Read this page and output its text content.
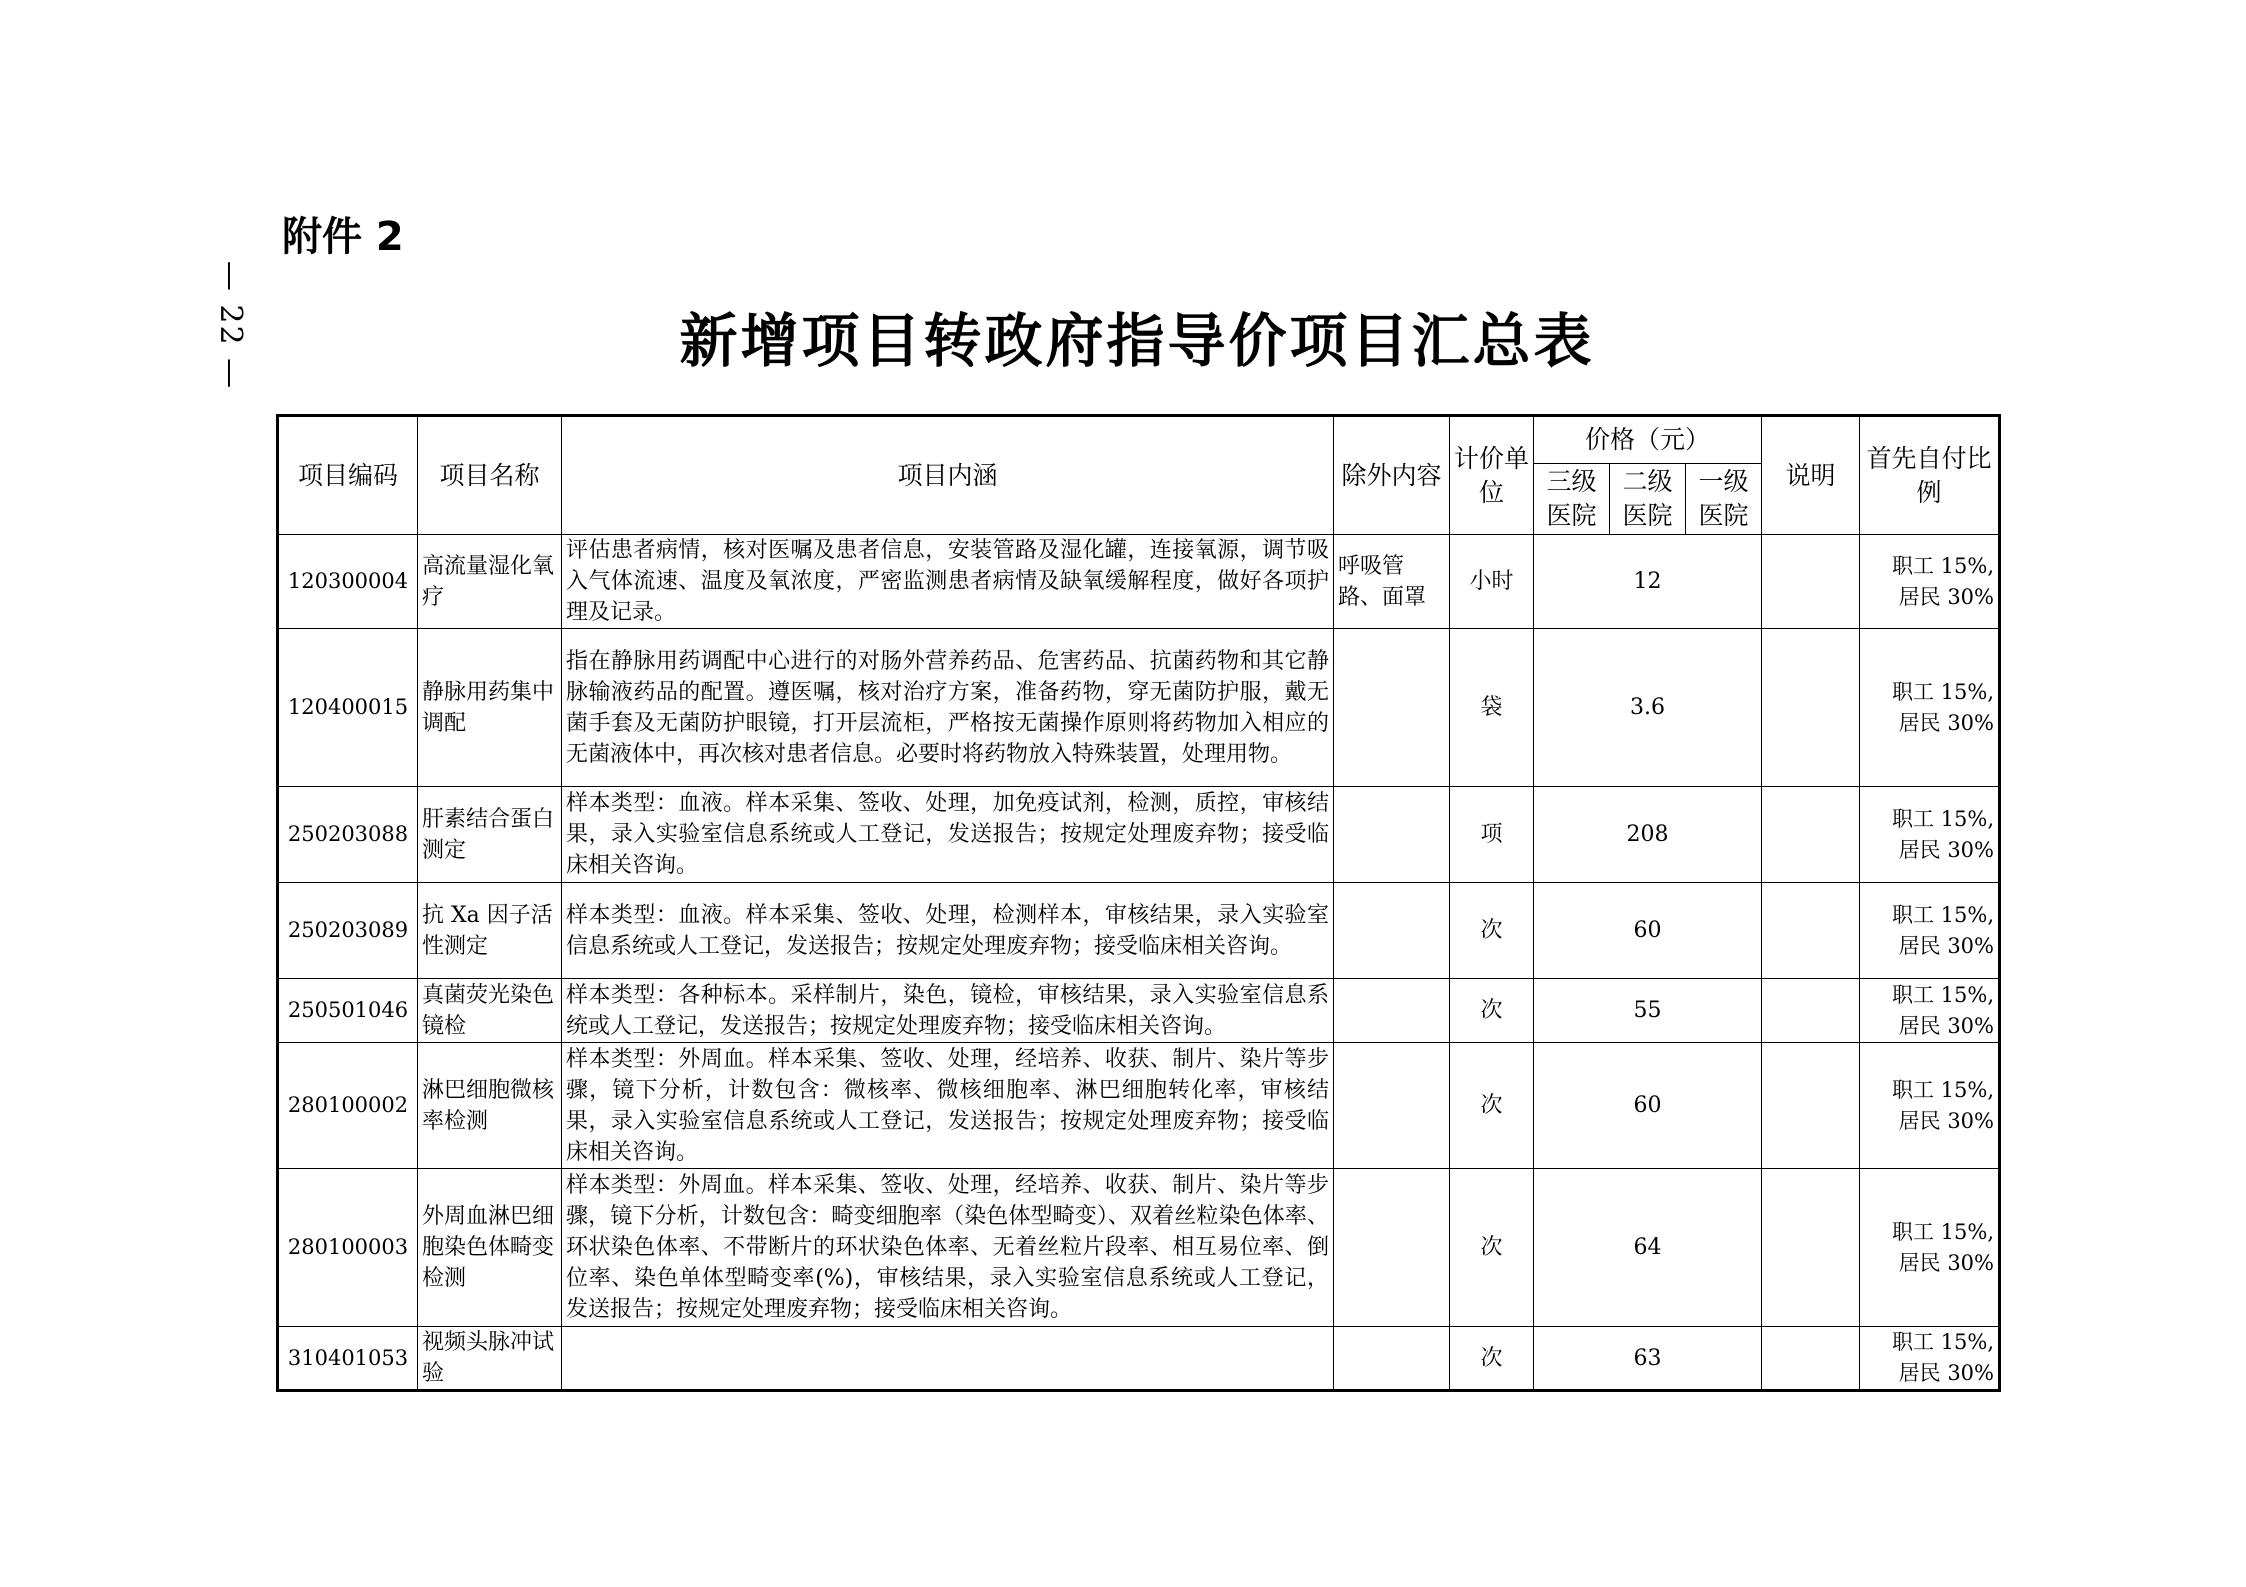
— 22 —
附件 2
新增项目转政府指导价项目汇总表
项目编码	项目名称	项目内涵	除外内容	计价单位	价格（元）			说明	首先自付比例
					三级医院	二级医院	一级医院		
120300004	高流量湿化氧疗	评估患者病情，核对医嘱及患者信息，安装管路及湿化罐，连接氧源，调节吸入气体流速、温度及氧浓度，严密监测患者病情及缺氧缓解程度，做好各项护理及记录。	呼吸管路、面罩	小时	12				职工 15%,
居民 30%

120400015	静脉用药集中调配	指在静脉用药调配中心进行的对肠外营养药品、危害药品、抗菌药物和其它静脉输液药品的配置。遵医嘱，核对治疗方案，准备药物，穿无菌防护服，戴无菌手套及无菌防护眼镜，打开层流柜，严格按无菌操作原则将药物加入相应的无菌液体中，再次核对患者信息。必要时将药物放入特殊装置，处理用物。		袋	3.6				职工 15%,
居民 30%

250203088	肝素结合蛋白测定	样本类型：血液。样本采集、签收、处理，加免疫试剂，检测，质控，审核结果，录入实验室信息系统或人工登记，发送报告；按规定处理废弃物；接受临床相关咨询。		项	208				职工 15%,
居民 30%

250203089	抗 Xa 因子活性测定	样本类型：血液。样本采集、签收、处理，检测样本，审核结果，录入实验室信息系统或人工登记，发送报告；按规定处理废弃物；接受临床相关咨询。		次	60				职工 15%,
居民 30%

250501046	真菌荧光染色镜检	样本类型：各种标本。采样制片，染色，镜检，审核结果，录入实验室信息系统或人工登记，发送报告；按规定处理废弃物；接受临床相关咨询。		次	55				职工 15%,
居民 30%

280100002	淋巴细胞微核率检测	样本类型：外周血。样本采集、签收、处理，经培养、收获、制片、染片等步骤，镜下分析，计数包含：微核率、微核细胞率、淋巴细胞转化率，审核结果，录入实验室信息系统或人工登记，发送报告；按规定处理废弃物；接受临床相关咨询。		次	60				职工 15%,
居民 30%

280100003	外周血淋巴细胞染色体畸变检测	样本类型：外周血。样本采集、签收、处理，经培养、收获、制片、染片等步骤，镜下分析，计数包含：畸变细胞率（染色体型畸变）、双着丝粒染色体率、环状染色体率、不带断片的环状染色体率、无着丝粒片段率、相互易位率、倒位率、染色单体型畸变率(%)，审核结果，录入实验室信息系统或人工登记，发送报告；按规定处理废弃物；接受临床相关咨询。		次	64				职工 15%,
居民 30%

310401053	视频头脉冲试验			次	63				职工 15%,
居民 30%
